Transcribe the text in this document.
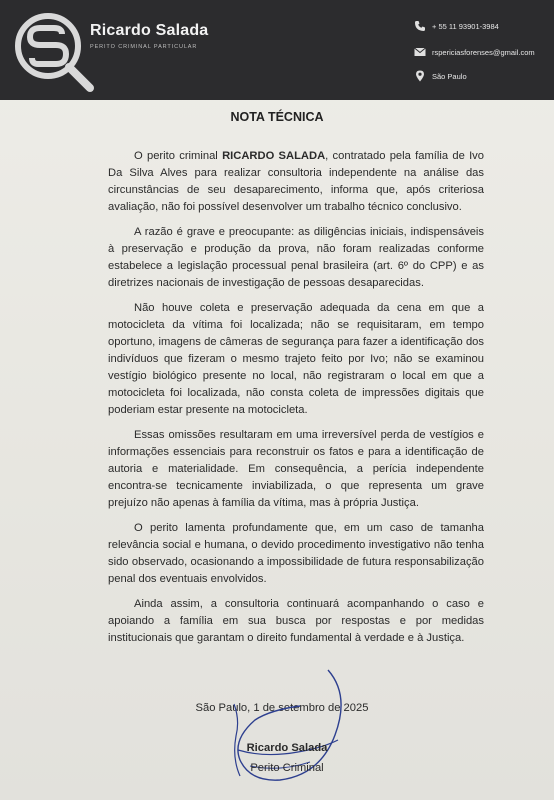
Ricardo Salada
PERITO CRIMINAL PARTICULAR
+ 55 11 93901-3984
rspericiasforenses@gmail.com
São Paulo
NOTA TÉCNICA

O perito criminal RICARDO SALADA, contratado pela família de Ivo Da Silva Alves para realizar consultoria independente na análise das circunstâncias de seu desaparecimento, informa que, após criteriosa avaliação, não foi possível desenvolver um trabalho técnico conclusivo.

A razão é grave e preocupante: as diligências iniciais, indispensáveis à preservação e produção da prova, não foram realizadas conforme estabelece a legislação processual penal brasileira (art. 6º do CPP) e as diretrizes nacionais de investigação de pessoas desaparecidas.

Não houve coleta e preservação adequada da cena em que a motocicleta da vítima foi localizada; não se requisitaram, em tempo oportuno, imagens de câmeras de segurança para fazer a identificação dos indivíduos que fizeram o mesmo trajeto feito por Ivo; não se examinou vestígio biológico presente no local, não registraram o local em que a motocicleta foi localizada, não consta coleta de impressões digitais que poderiam estar presente na motocicleta.

Essas omissões resultaram em uma irreversível perda de vestígios e informações essenciais para reconstruir os fatos e para a identificação de autoria e materialidade. Em consequência, a perícia independente encontra-se tecnicamente inviabilizada, o que representa um grave prejuízo não apenas à família da vítima, mas à própria Justiça.

O perito lamenta profundamente que, em um caso de tamanha relevância social e humana, o devido procedimento investigativo não tenha sido observado, ocasionando a impossibilidade de futura responsabilização penal dos eventuais envolvidos.

Ainda assim, a consultoria continuará acompanhando o caso e apoiando a família em sua busca por respostas e por medidas institucionais que garantam o direito fundamental à verdade e à Justiça.

São Paulo, 1 de setembro de 2025
Ricardo Salada
Perito Criminal
